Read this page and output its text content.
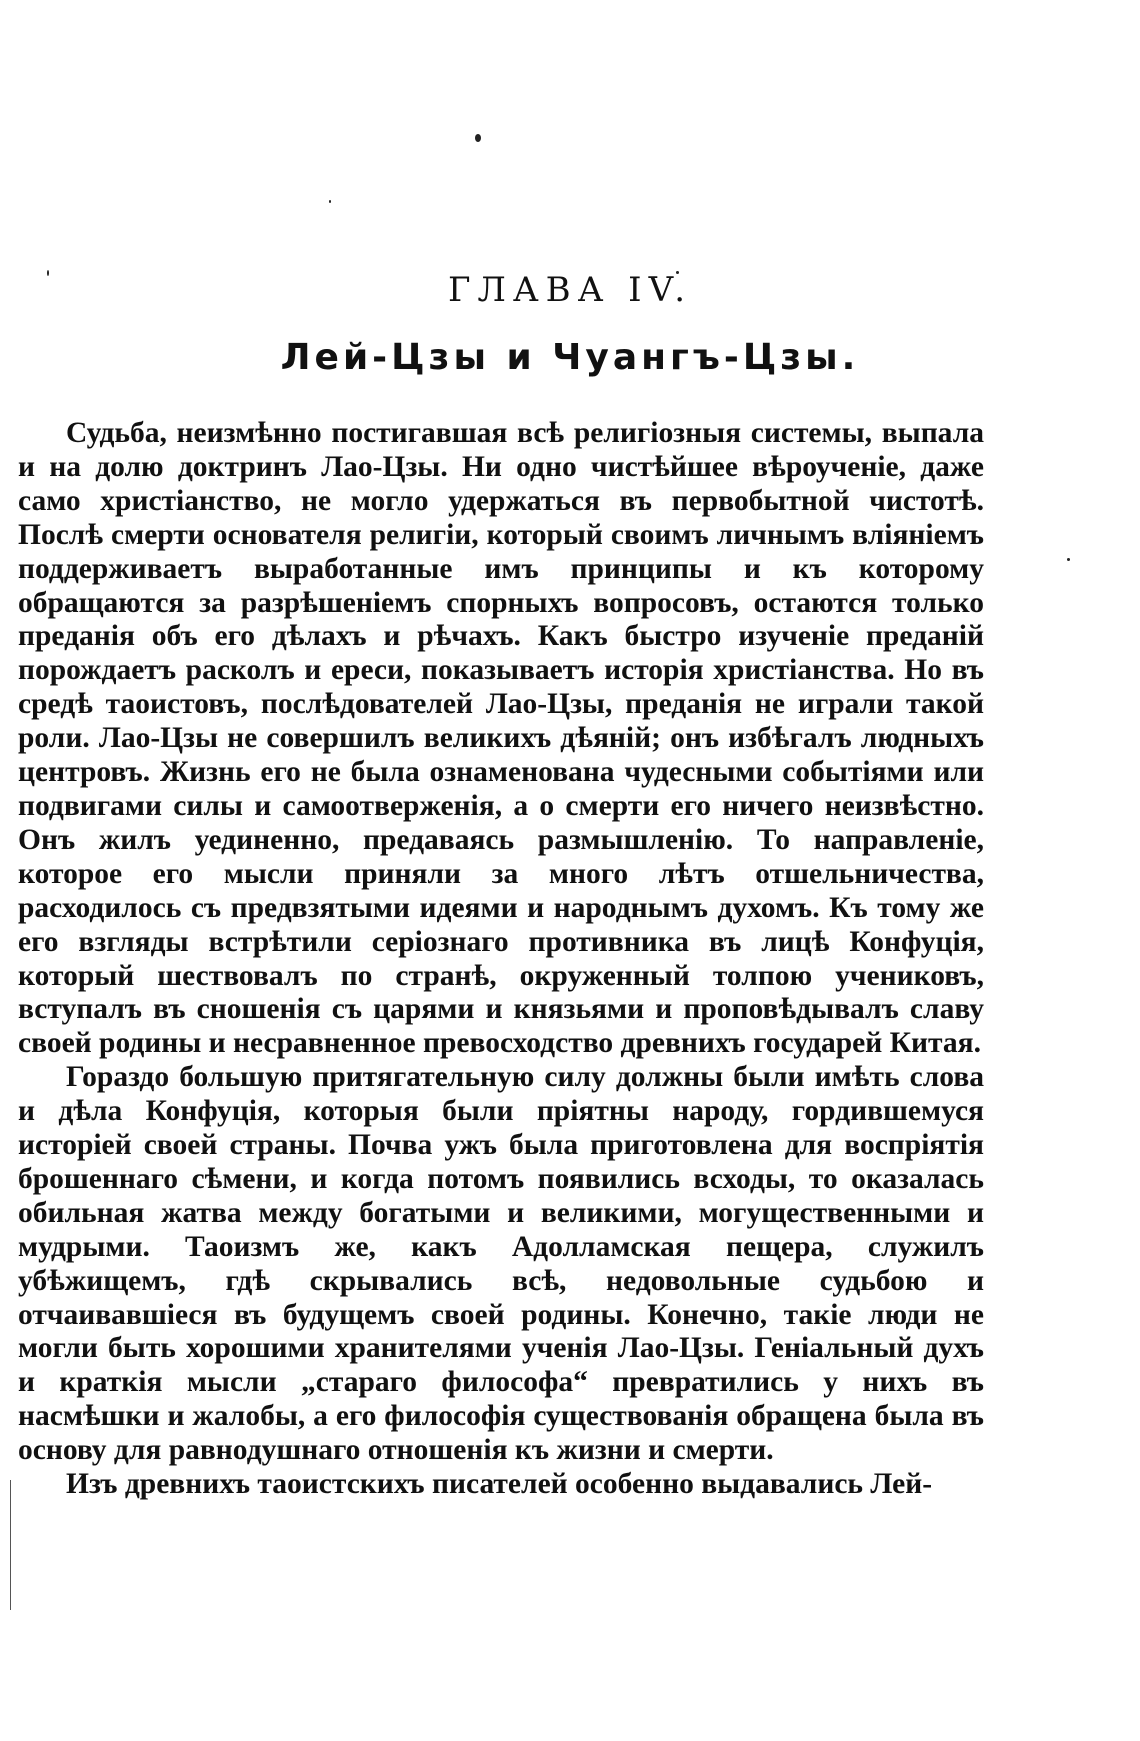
ГЛАВА IV.
Лей-Цзы и Чуангъ-Цзы.

Судьба, неизмѣнно постигавшая всѣ религіозныя системы, выпала и на долю доктринъ Лао-Цзы. Ни одно чистѣйшее вѣроученіе, даже само христіанство, не могло удержаться въ первобытной чистотѣ. Послѣ смерти основателя религіи, который своимъ личнымъ вліяніемъ поддерживаетъ выработанные имъ принципы и къ которому обращаются за разрѣшеніемъ спорныхъ вопросовъ, остаются только преданія объ его дѣлахъ и рѣчахъ. Какъ быстро изученіе преданій порождаетъ расколъ и ереси, показываетъ исторія христіанства. Но въ средѣ таоистовъ, послѣдователей Лао-Цзы, преданія не играли такой роли. Лао-Цзы не совершилъ великихъ дѣяній; онъ избѣгалъ людныхъ центровъ. Жизнь его не была ознаменована чудесными событіями или подвигами силы и самоотверженія, а о смерти его ничего неизвѣстно. Онъ жилъ уединенно, предаваясь размышленію. То направленіе, которое его мысли приняли за много лѣтъ отшельничества, расходилось съ предвзятыми идеями и народнымъ духомъ. Къ тому же его взгляды встрѣтили серіознаго противника въ лицѣ Конфуція, который шествовалъ по странѣ, окруженный толпою учениковъ, вступалъ въ сношенія съ царями и князьями и проповѣдывалъ славу своей родины и несравненное превосходство древнихъ государей Китая.

Гораздо большую притягательную силу должны были имѣть слова и дѣла Конфуція, которыя были пріятны народу, гордившемуся исторіей своей страны. Почва ужъ была приготовлена для воспріятія брошеннаго сѣмени, и когда потомъ появились всходы, то оказалась обильная жатва между богатыми и великими, могущественными и мудрыми. Таоизмъ же, какъ Адолламская пещера, служилъ убѣжищемъ, гдѣ скрывались всѣ, недовольные судьбою и отчаивавшіеся въ будущемъ своей родины. Конечно, такіе люди не могли быть хорошими хранителями ученія Лао-Цзы. Геніальный духъ и краткія мысли „стараго философа“ превратились у нихъ въ насмѣшки и жалобы, а его философія существованія обращена была въ основу для равнодушнаго отношенія къ жизни и смерти.

Изъ древнихъ таоистскихъ писателей особенно выдавались Лей-
